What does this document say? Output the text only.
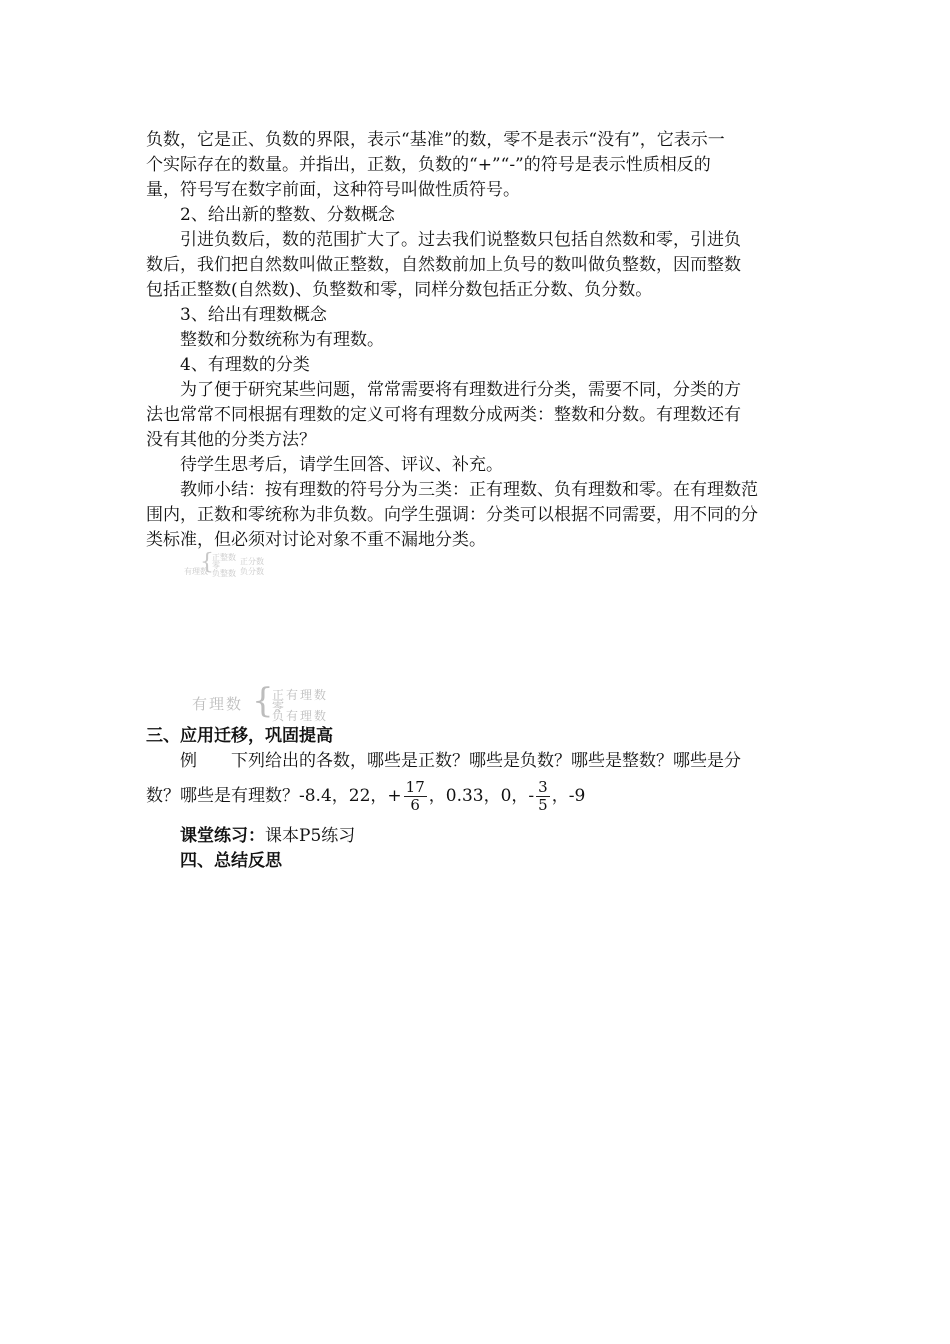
负数，它是正、负数的界限，表示“基准”的数，零不是表示“没有”，它表示一

个实际存在的数量。并指出，正数，负数的“+”“-”的符号是表示性质相反的

量，符号写在数字前面，这种符号叫做性质符号。

2、给出新的整数、分数概念

引进负数后，数的范围扩大了。过去我们说整数只包括自然数和零，引进负

数后，我们把自然数叫做正整数，自然数前加上负号的数叫做负整数，因而整数

包括正整数(自然数)、负整数和零，同样分数包括正分数、负分数。

3、给出有理数概念

整数和分数统称为有理数。

4、有理数的分类

为了便于研究某些问题，常常需要将有理数进行分类，需要不同，分类的方

法也常常不同根据有理数的定义可将有理数分成两类：整数和分数。有理数还有

没有其他的分类方法？

待学生思考后，请学生回答、评议、补充。

教师小结：按有理数的符号分为三类：正有理数、负有理数和零。在有理数范

围内，正数和零统称为非负数。向学生强调：分类可以根据不同需要，用不同的分

类标准，但必须对讨论对象不重不漏地分类。

有理数
{
正整数
零
负整数
正分数
负分数
有理数 {
正有理数
零
负有理数

三、应用迁移，巩固提高

例 下列给出的各数，哪些是正数？哪些是负数？哪些是整数？哪些是分

数？哪些是有理数？-8.4，22，+ $\frac{17}{6}$ ，0.33，0，- $\frac{3}{5}$ ，-9

课堂练习：课本P5练习

四、总结反思
